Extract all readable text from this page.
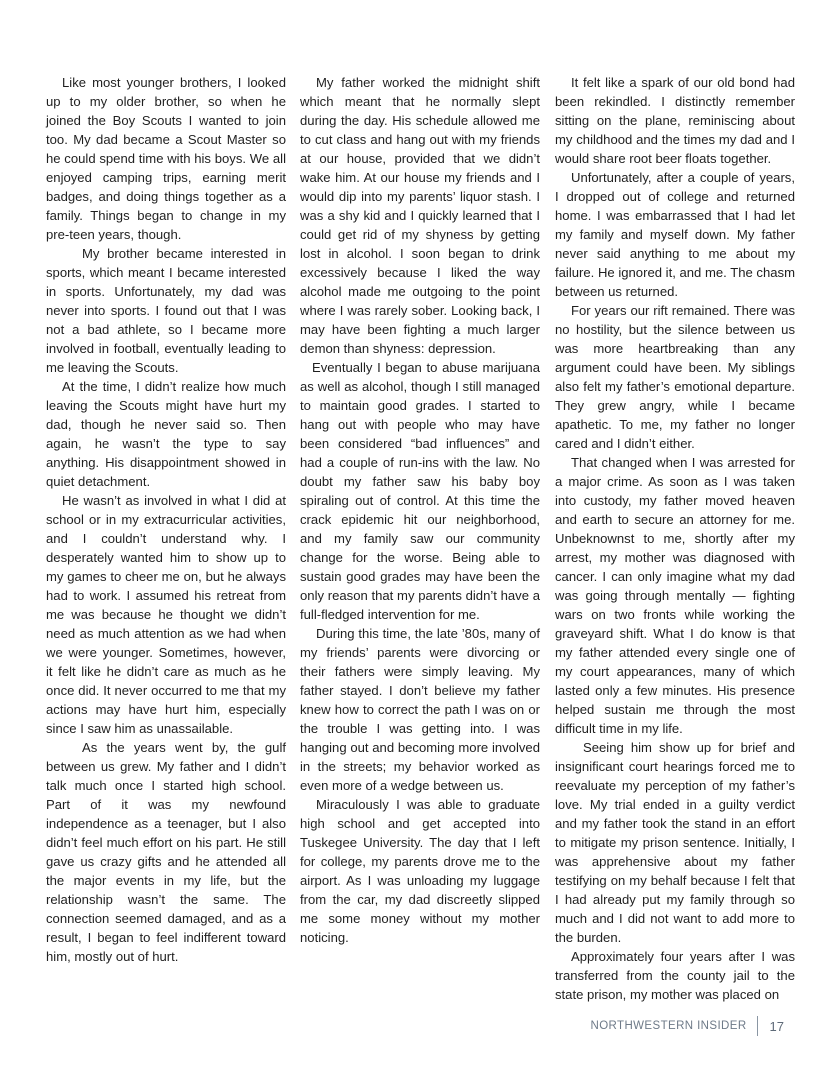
Like most younger brothers, I looked up to my older brother, so when he joined the Boy Scouts I wanted to join too. My dad became a Scout Master so he could spend time with his boys. We all enjoyed camping trips, earning merit badges, and doing things together as a family. Things began to change in my pre-teen years, though.

My brother became interested in sports, which meant I became interested in sports. Unfortunately, my dad was never into sports. I found out that I was not a bad athlete, so I became more involved in football, eventually leading to me leaving the Scouts.

At the time, I didn’t realize how much leaving the Scouts might have hurt my dad, though he never said so. Then again, he wasn’t the type to say anything. His disappointment showed in quiet detachment.

He wasn’t as involved in what I did at school or in my extracurricular activities, and I couldn’t understand why. I desperately wanted him to show up to my games to cheer me on, but he always had to work. I assumed his retreat from me was because he thought we didn’t need as much attention as we had when we were younger. Sometimes, however, it felt like he didn’t care as much as he once did. It never occurred to me that my actions may have hurt him, especially since I saw him as unassailable.

As the years went by, the gulf between us grew. My father and I didn’t talk much once I started high school. Part of it was my newfound independence as a teenager, but I also didn’t feel much effort on his part. He still gave us crazy gifts and he attended all the major events in my life, but the relationship wasn’t the same. The connection seemed damaged, and as a result, I began to feel indifferent toward him, mostly out of hurt.

My father worked the midnight shift which meant that he normally slept during the day. His schedule allowed me to cut class and hang out with my friends at our house, provided that we didn’t wake him. At our house my friends and I would dip into my parents’ liquor stash. I was a shy kid and I quickly learned that I could get rid of my shyness by getting lost in alcohol. I soon began to drink excessively because I liked the way alcohol made me outgoing to the point where I was rarely sober. Looking back, I may have been fighting a much larger demon than shyness: depression.

Eventually I began to abuse marijuana as well as alcohol, though I still managed to maintain good grades. I started to hang out with people who may have been considered “bad influences” and had a couple of run-ins with the law. No doubt my father saw his baby boy spiraling out of control. At this time the crack epidemic hit our neighborhood, and my family saw our community change for the worse. Being able to sustain good grades may have been the only reason that my parents didn’t have a full-fledged intervention for me.

During this time, the late ’80s, many of my friends’ parents were divorcing or their fathers were simply leaving. My father stayed. I don’t believe my father knew how to correct the path I was on or the trouble I was getting into. I was hanging out and becoming more involved in the streets; my behavior worked as even more of a wedge between us.

Miraculously I was able to graduate high school and get accepted into Tuskegee University. The day that I left for college, my parents drove me to the airport. As I was unloading my luggage from the car, my dad discreetly slipped me some money without my mother noticing.

It felt like a spark of our old bond had been rekindled. I distinctly remember sitting on the plane, reminiscing about my childhood and the times my dad and I would share root beer floats together.

Unfortunately, after a couple of years, I dropped out of college and returned home. I was embarrassed that I had let my family and myself down. My father never said anything to me about my failure. He ignored it, and me. The chasm between us returned.

For years our rift remained. There was no hostility, but the silence between us was more heartbreaking than any argument could have been. My siblings also felt my father’s emotional departure. They grew angry, while I became apathetic. To me, my father no longer cared and I didn’t either.

That changed when I was arrested for a major crime. As soon as I was taken into custody, my father moved heaven and earth to secure an attorney for me. Unbeknownst to me, shortly after my arrest, my mother was diagnosed with cancer. I can only imagine what my dad was going through mentally — fighting wars on two fronts while working the graveyard shift. What I do know is that my father attended every single one of my court appearances, many of which lasted only a few minutes. His presence helped sustain me through the most difficult time in my life.

Seeing him show up for brief and insignificant court hearings forced me to reevaluate my perception of my father’s love. My trial ended in a guilty verdict and my father took the stand in an effort to mitigate my prison sentence. Initially, I was apprehensive about my father testifying on my behalf because I felt that I had already put my family through so much and I did not want to add more to the burden.

Approximately four years after I was transferred from the county jail to the state prison, my mother was placed on

NORTHWESTERN INSIDER 17
